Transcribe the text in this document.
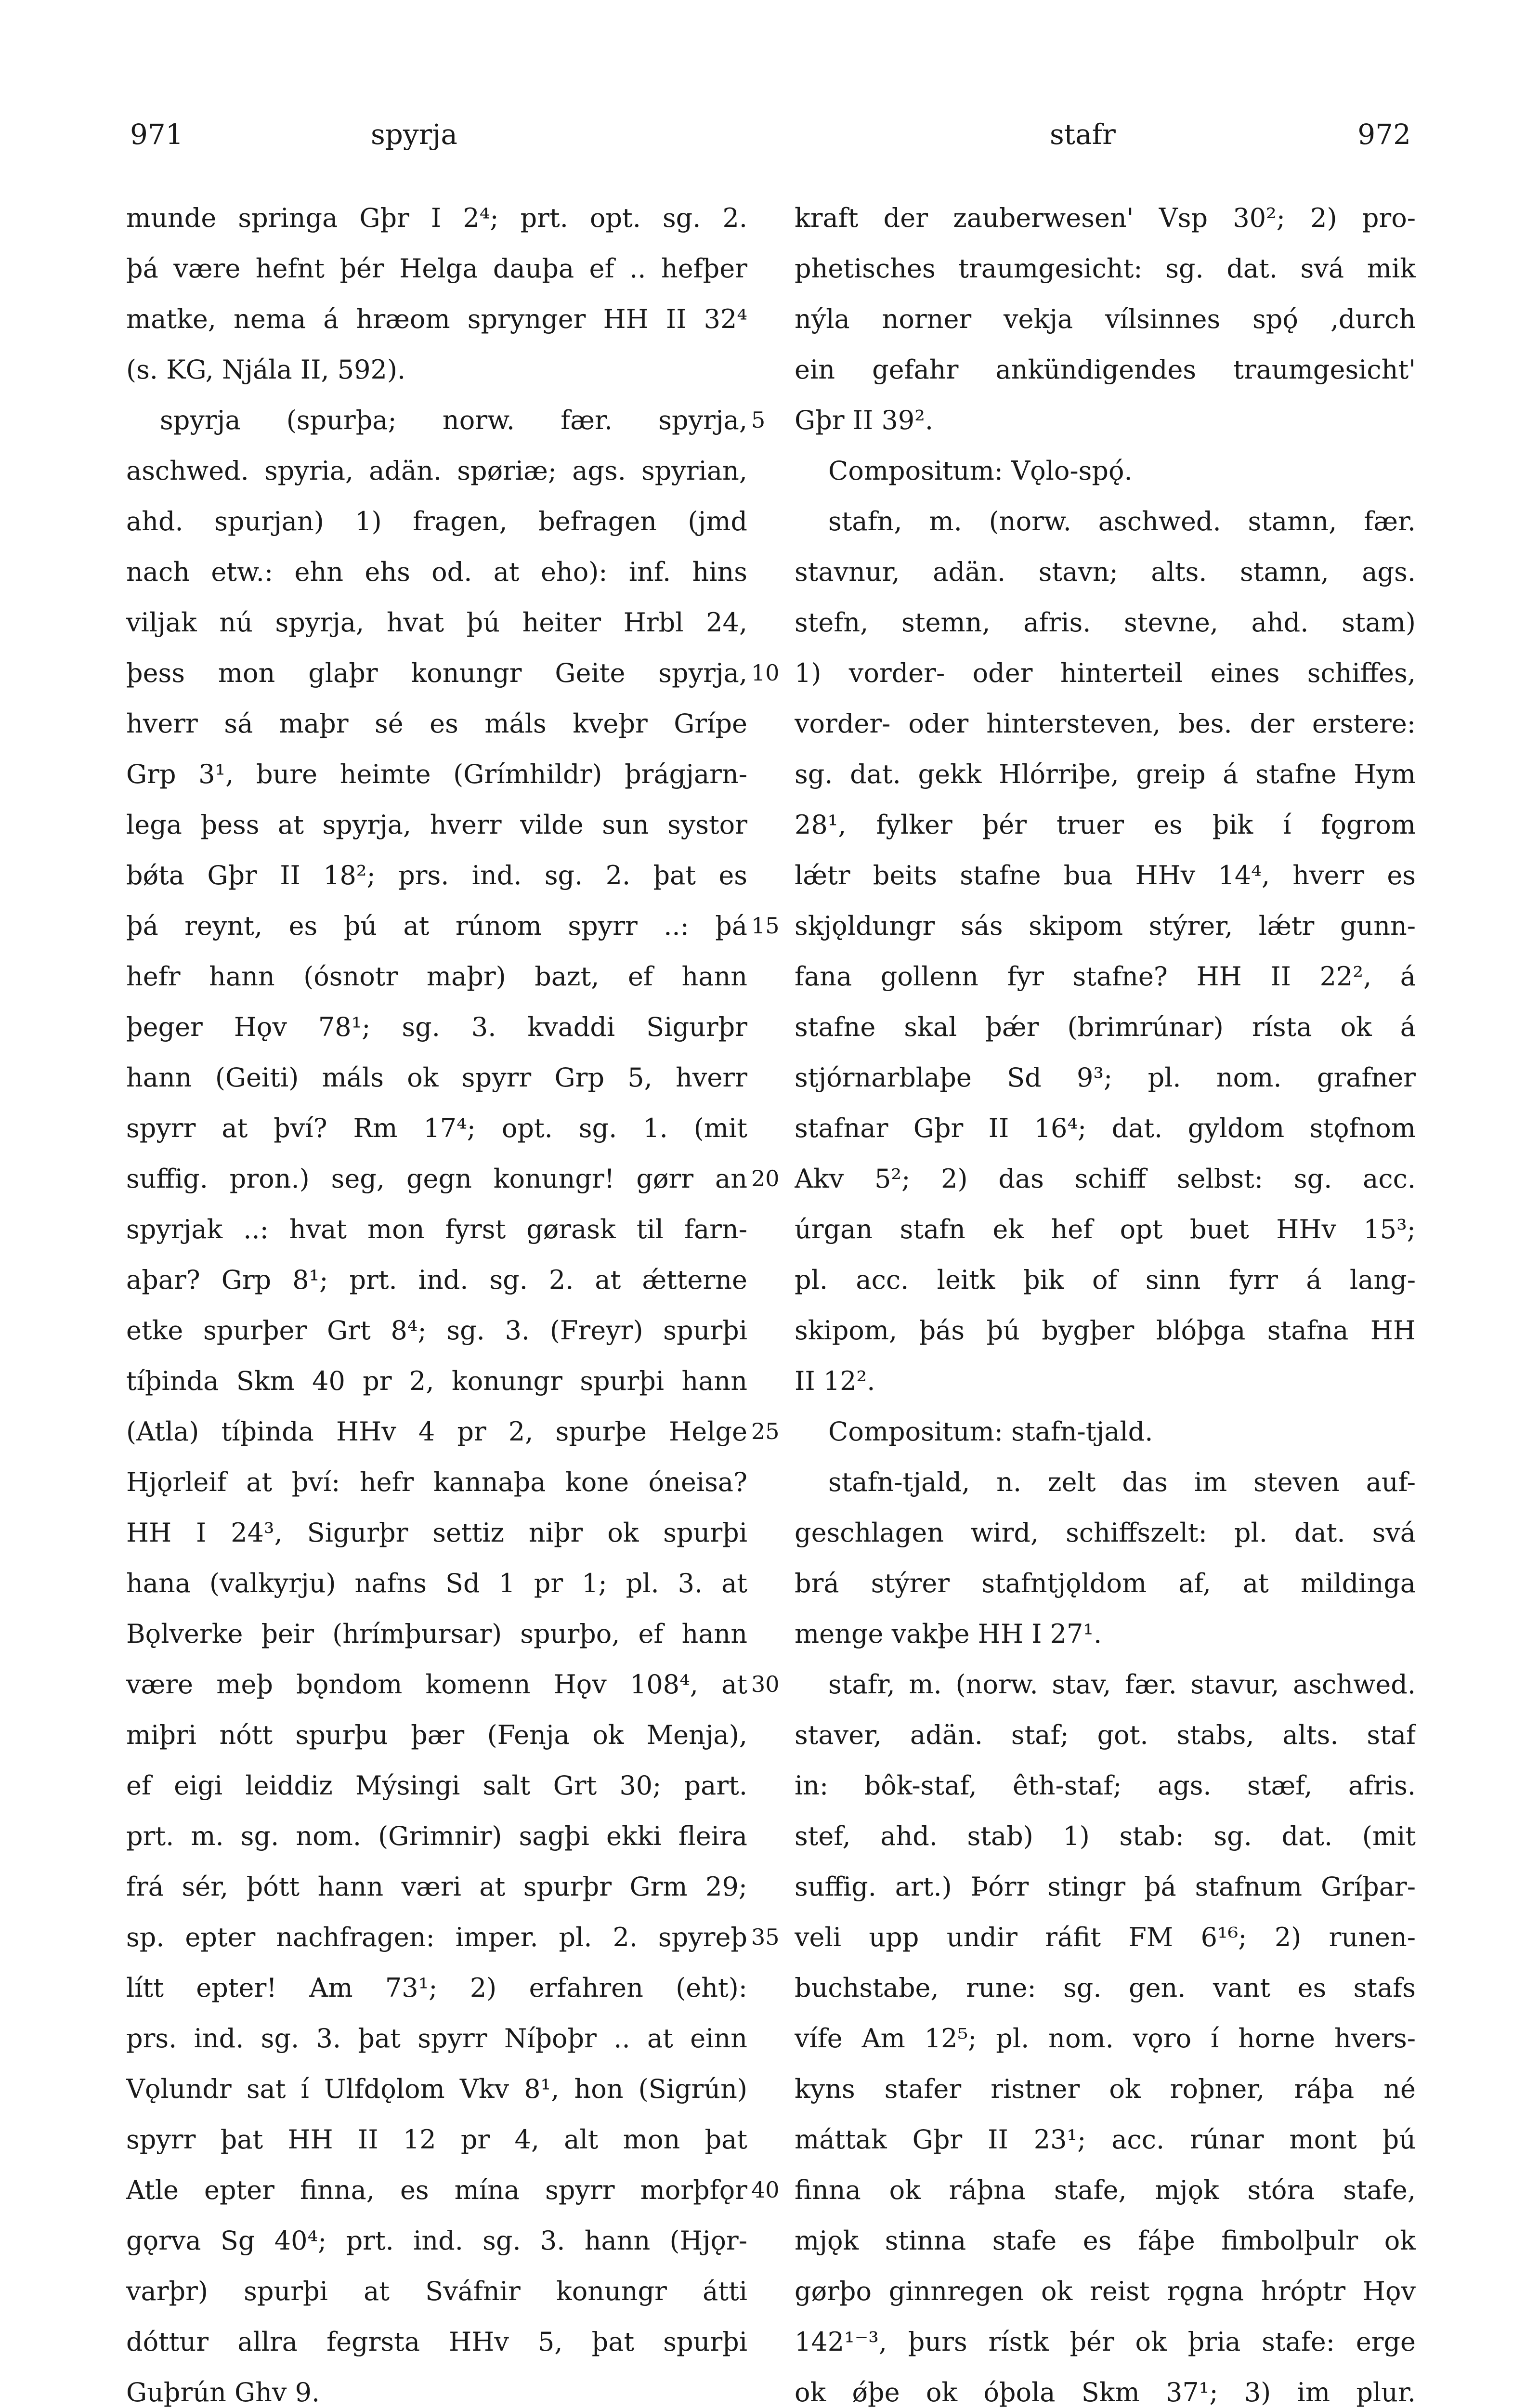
971	spyrja	stafr	972
munde springa Gþr I 2⁴; prt. opt. sg. 2.
þá være hefnt þér Helga dauþa ef .. hefþer
matke, nema á hræom sprynger HH II 32⁴
(s. KG, Njála II, 592).
spyrja (spurþa; norw. fær. spyrja,
aschwed. spyria, adän. spøriæ; ags. spyrian,
ahd. spurjan) 1) fragen, befragen (jmd
nach etw.: ehn ehs od. at eho): inf. hins
viljak nú spyrja, hvat þú heiter Hrbl 24,
þess mon glaþr konungr Geite spyrja,
hverr sá maþr sé es máls kveþr Grípe
Grp 3¹, bure heimte (Grímhildr) þrágjarn-
lega þess at spyrja, hverr vilde sun systor
bǿta Gþr II 18²; prs. ind. sg. 2. þat es
þá reynt, es þú at rúnom spyrr ..: þá
hefr hann (ósnotr maþr) bazt, ef hann
þeger Hǫv 78¹; sg. 3. kvaddi Sigurþr
hann (Geiti) máls ok spyrr Grp 5, hverr
spyrr at því? Rm 17⁴; opt. sg. 1. (mit
suffig. pron.) seg, gegn konungr! gørr an
spyrjak ..: hvat mon fyrst gørask til farn-
aþar? Grp 8¹; prt. ind. sg. 2. at ǽtterne
etke spurþer Grt 8⁴; sg. 3. (Freyr) spurþi
tíþinda Skm 40 pr 2, konungr spurþi hann
(Atla) tíþinda HHv 4 pr 2, spurþe Helge
Hjǫrleif at því: hefr kannaþa kone óneisa?
HH I 24³, Sigurþr settiz niþr ok spurþi
hana (valkyrju) nafns Sd 1 pr 1; pl. 3. at
Bǫlverke þeir (hrímþursar) spurþo, ef hann
være meþ bǫndom komenn Hǫv 108⁴, at
miþri nótt spurþu þær (Fenja ok Menja),
ef eigi leiddiz Mýsingi salt Grt 30; part.
prt. m. sg. nom. (Grimnir) sagþi ekki fleira
frá sér, þótt hann væri at spurþr Grm 29;
sp. epter nachfragen: imper. pl. 2. spyreþ
lítt epter! Am 73¹; 2) erfahren (eht):
prs. ind. sg. 3. þat spyrr Níþoþr .. at einn
Vǫlundr sat í Ulfdǫlom Vkv 8¹, hon (Sigrún)
spyrr þat HH II 12 pr 4, alt mon þat
Atle epter finna, es mína spyrr morþfǫr
gǫrva Sg 40⁴; prt. ind. sg. 3. hann (Hjǫr-
varþr) spurþi at Sváfnir konungr átti
dóttur allra fegrsta HHv 5, þat spurþi
Guþrún Ghv 9.
5
10
15
20
25
30
35
40
kraft der zauberwesen' Vsp 30²; 2) pro-
phetisches traumgesicht: sg. dat. svá mik
nýla norner vekja vílsinnes spǫ́ ‚durch
ein gefahr ankündigendes traumgesicht'
Gþr II 39².
Compositum: Vǫlo-spǫ́.
stafn, m. (norw. aschwed. stamn, fær.
stavnur, adän. stavn; alts. stamn, ags.
stefn, stemn, afris. stevne, ahd. stam)
1) vorder- oder hinterteil eines schiffes,
vorder- oder hintersteven, bes. der erstere:
sg. dat. gekk Hlórriþe, greip á stafne Hym
28¹, fylker þér truer es þik í fǫgrom
lǽtr beits stafne bua HHv 14⁴, hverr es
skjǫldungr sás skipom stýrer, lǽtr gunn-
fana gollenn fyr stafne? HH II 22², á
stafne skal þǽr (brimrúnar) rísta ok á
stjórnarblaþe Sd 9³; pl. nom. grafner
stafnar Gþr II 16⁴; dat. gyldom stǫfnom
Akv 5²; 2) das schiff selbst: sg. acc.
úrgan stafn ek hef opt buet HHv 15³;
pl. acc. leitk þik of sinn fyrr á lang-
skipom, þás þú bygþer blóþga stafna HH
II 12².
Compositum: stafn-tjald.
stafn-tjald, n. zelt das im steven auf-
geschlagen wird, schiffszelt: pl. dat. svá
brá stýrer stafntjǫldom af, at mildinga
menge vakþe HH I 27¹.
stafr, m. (norw. stav, fær. stavur, aschwed.
staver, adän. staf; got. stabs, alts. staf
in: bôk-staf, êth-staf; ags. stæf, afris.
stef, ahd. stab) 1) stab: sg. dat. (mit
suffig. art.) Þórr stingr þá stafnum Gríþar-
veli upp undir ráfit FM 6¹⁶; 2) runen-
buchstabe, rune: sg. gen. vant es stafs
vífe Am 12⁵; pl. nom. vǫro í horne hvers-
kyns stafer ristner ok roþner, ráþa né
máttak Gþr II 23¹; acc. rúnar mont þú
finna ok ráþna stafe, mjǫk stóra stafe,
mjǫk stinna stafe es fáþe fimbolþulr ok
gørþo ginnregen ok reist rǫgna hróptr Hǫv
142¹⁻³, þurs rístk þér ok þria stafe: erge
ok ǿþe ok óþola Skm 37¹; 3) im plur.
